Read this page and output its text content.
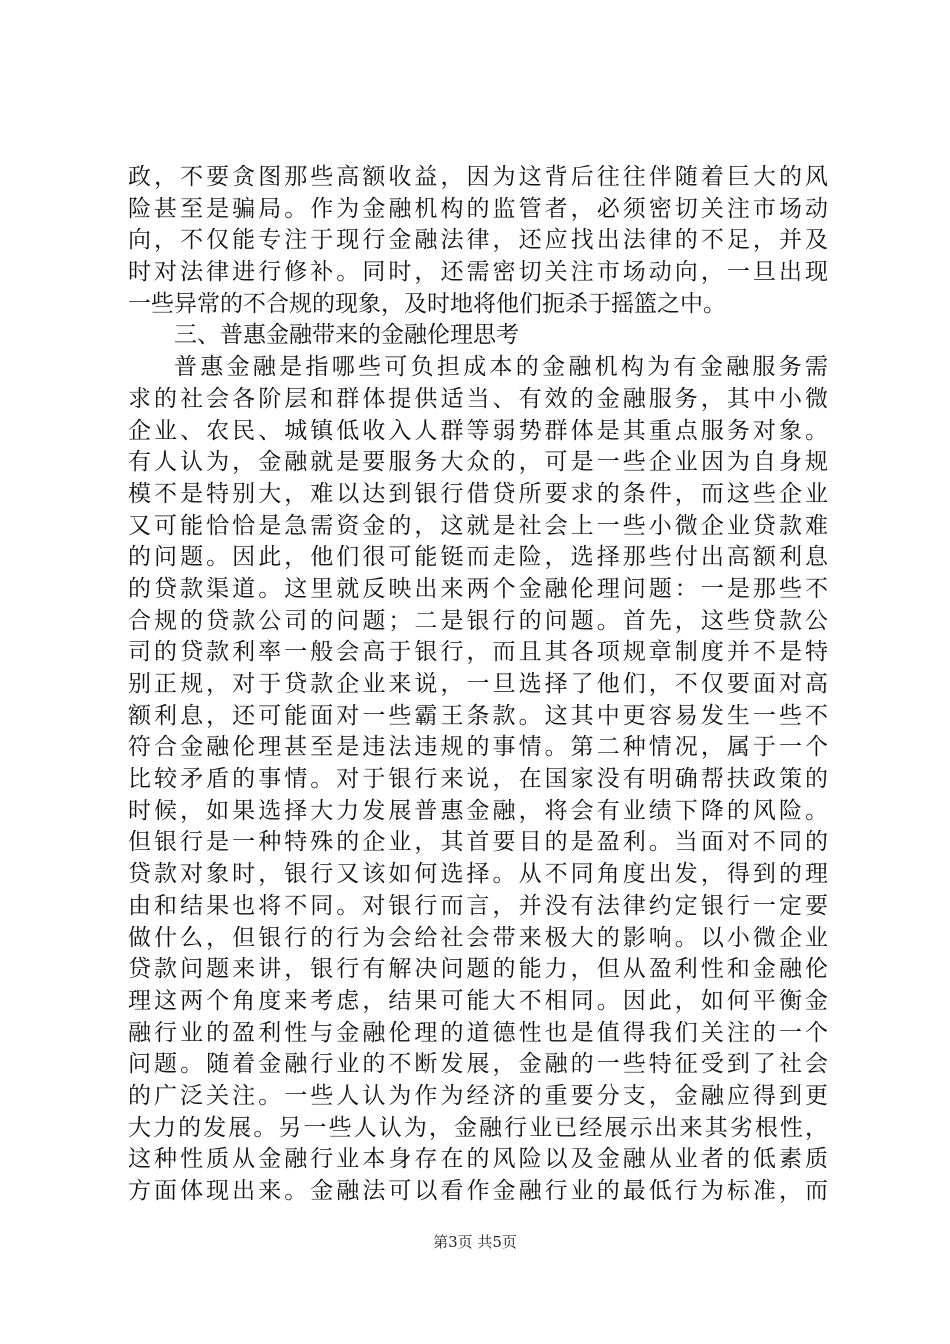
政，不要贪图那些高额收益，因为这背后往往伴随着巨大的风
险甚至是骗局。作为金融机构的监管者，必须密切关注市场动
向，不仅能专注于现行金融法律，还应找出法律的不足，并及
时对法律进行修补。同时，还需密切关注市场动向，一旦出现
一些异常的不合规的现象，及时地将他们扼杀于摇篮之中。
三、普惠金融带来的金融伦理思考
普惠金融是指哪些可负担成本的金融机构为有金融服务需
求的社会各阶层和群体提供适当、有效的金融服务，其中小微
企业、农民、城镇低收入人群等弱势群体是其重点服务对象。
有人认为，金融就是要服务大众的，可是一些企业因为自身规
模不是特别大，难以达到银行借贷所要求的条件，而这些企业
又可能恰恰是急需资金的，这就是社会上一些小微企业贷款难
的问题。因此，他们很可能铤而走险，选择那些付出高额利息
的贷款渠道。这里就反映出来两个金融伦理问题：一是那些不
合规的贷款公司的问题；二是银行的问题。首先，这些贷款公
司的贷款利率一般会高于银行，而且其各项规章制度并不是特
别正规，对于贷款企业来说，一旦选择了他们，不仅要面对高
额利息，还可能面对一些霸王条款。这其中更容易发生一些不
符合金融伦理甚至是违法违规的事情。第二种情况，属于一个
比较矛盾的事情。对于银行来说，在国家没有明确帮扶政策的
时候，如果选择大力发展普惠金融，将会有业绩下降的风险。
但银行是一种特殊的企业，其首要目的是盈利。当面对不同的
贷款对象时，银行又该如何选择。从不同角度出发，得到的理
由和结果也将不同。对银行而言，并没有法律约定银行一定要
做什么，但银行的行为会给社会带来极大的影响。以小微企业
贷款问题来讲，银行有解决问题的能力，但从盈利性和金融伦
理这两个角度来考虑，结果可能大不相同。因此，如何平衡金
融行业的盈利性与金融伦理的道德性也是值得我们关注的一个
问题。随着金融行业的不断发展，金融的一些特征受到了社会
的广泛关注。一些人认为作为经济的重要分支，金融应得到更
大力的发展。另一些人认为，金融行业已经展示出来其劣根性，
这种性质从金融行业本身存在的风险以及金融从业者的低素质
方面体现出来。金融法可以看作金融行业的最低行为标准，而
第3页 共5页
